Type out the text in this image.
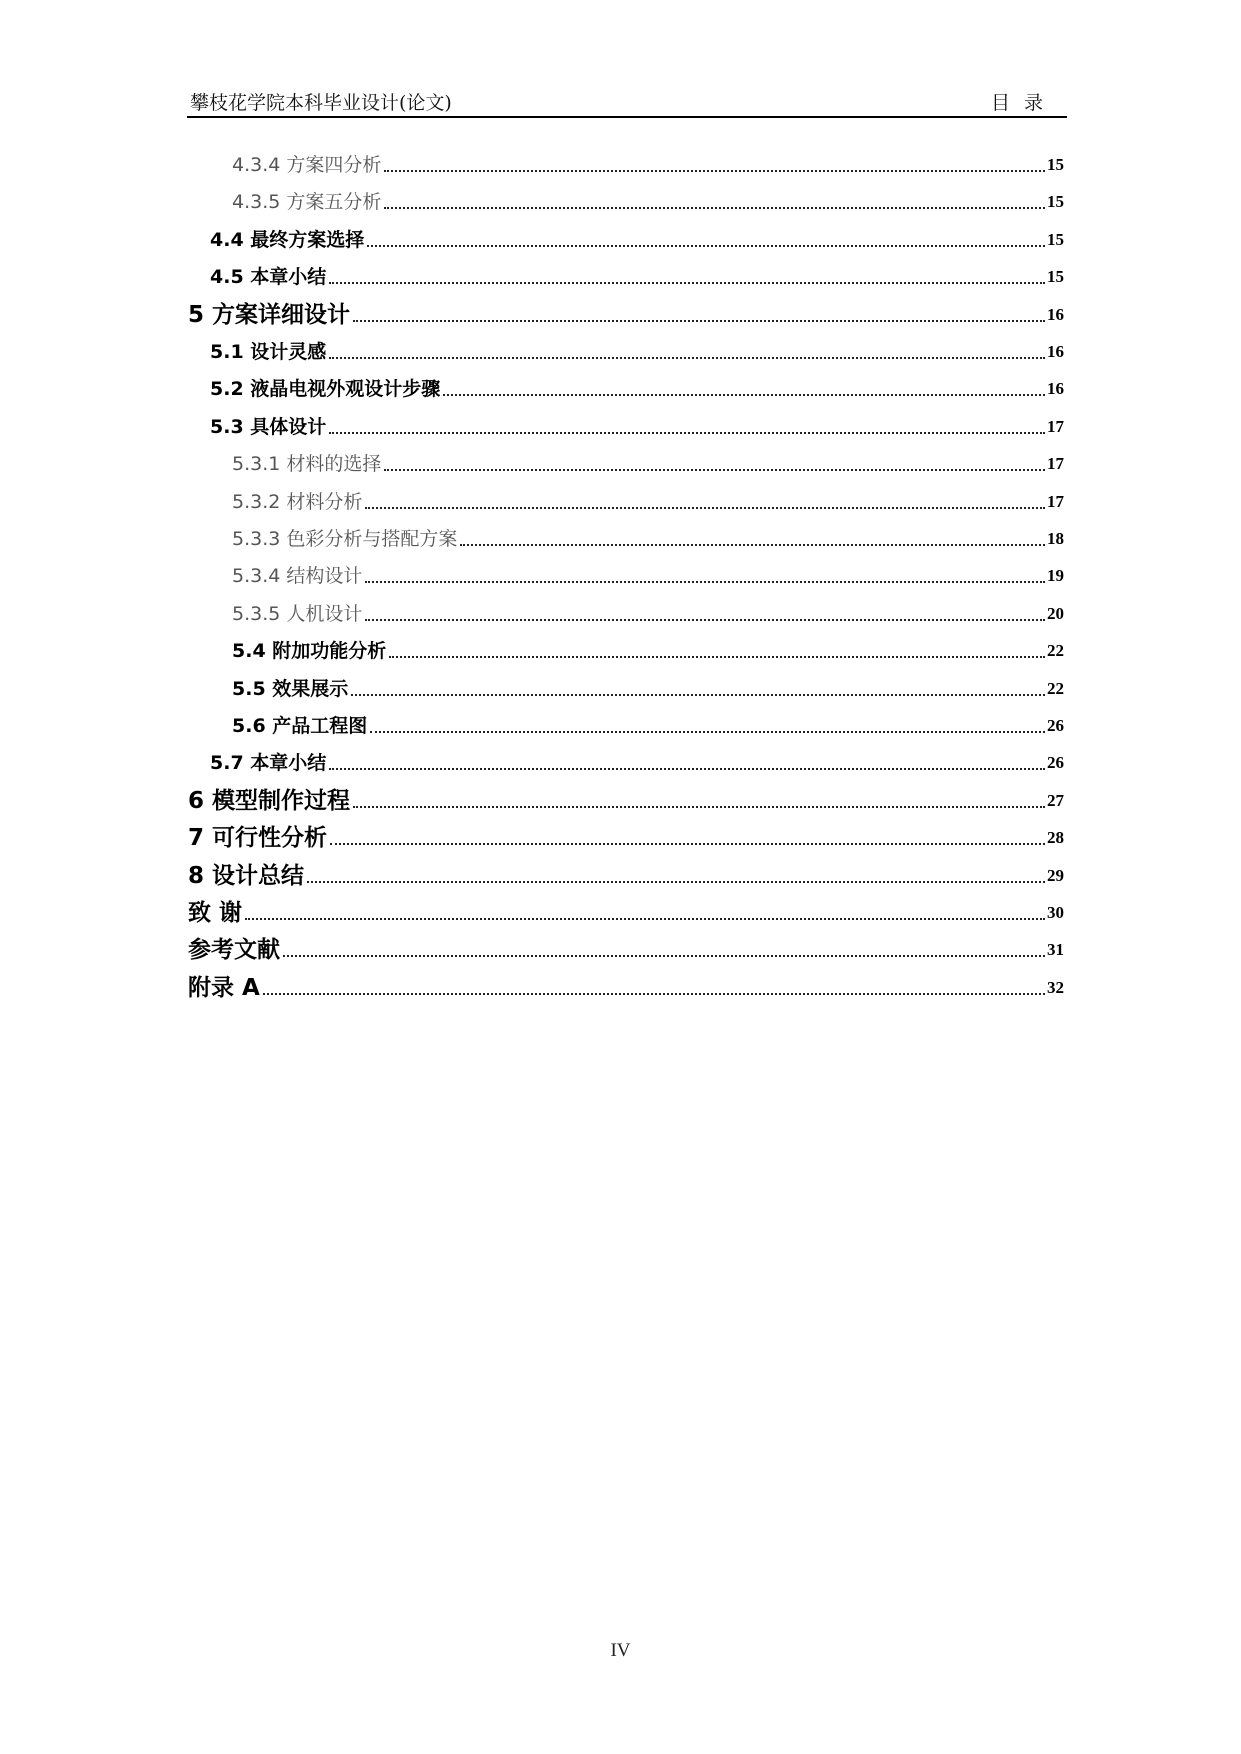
攀枝花学院本科毕业设计(论文)	目录
4.3.4 方案四分析	15
4.3.5 方案五分析	15
4.4 最终方案选择	15
4.5 本章小结	15
5 方案详细设计	16
5.1 设计灵感	16
5.2 液晶电视外观设计步骤	16
5.3 具体设计	17
5.3.1 材料的选择	17
5.3.2 材料分析	17
5.3.3 色彩分析与搭配方案	18
5.3.4 结构设计	19
5.3.5 人机设计	20
5.4 附加功能分析	22
5.5 效果展示	22
5.6 产品工程图	26
5.7 本章小结	26
6 模型制作过程	27
7 可行性分析	28
8 设计总结	29
致 谢	30
参考文献	31
附录 A	32
IV
